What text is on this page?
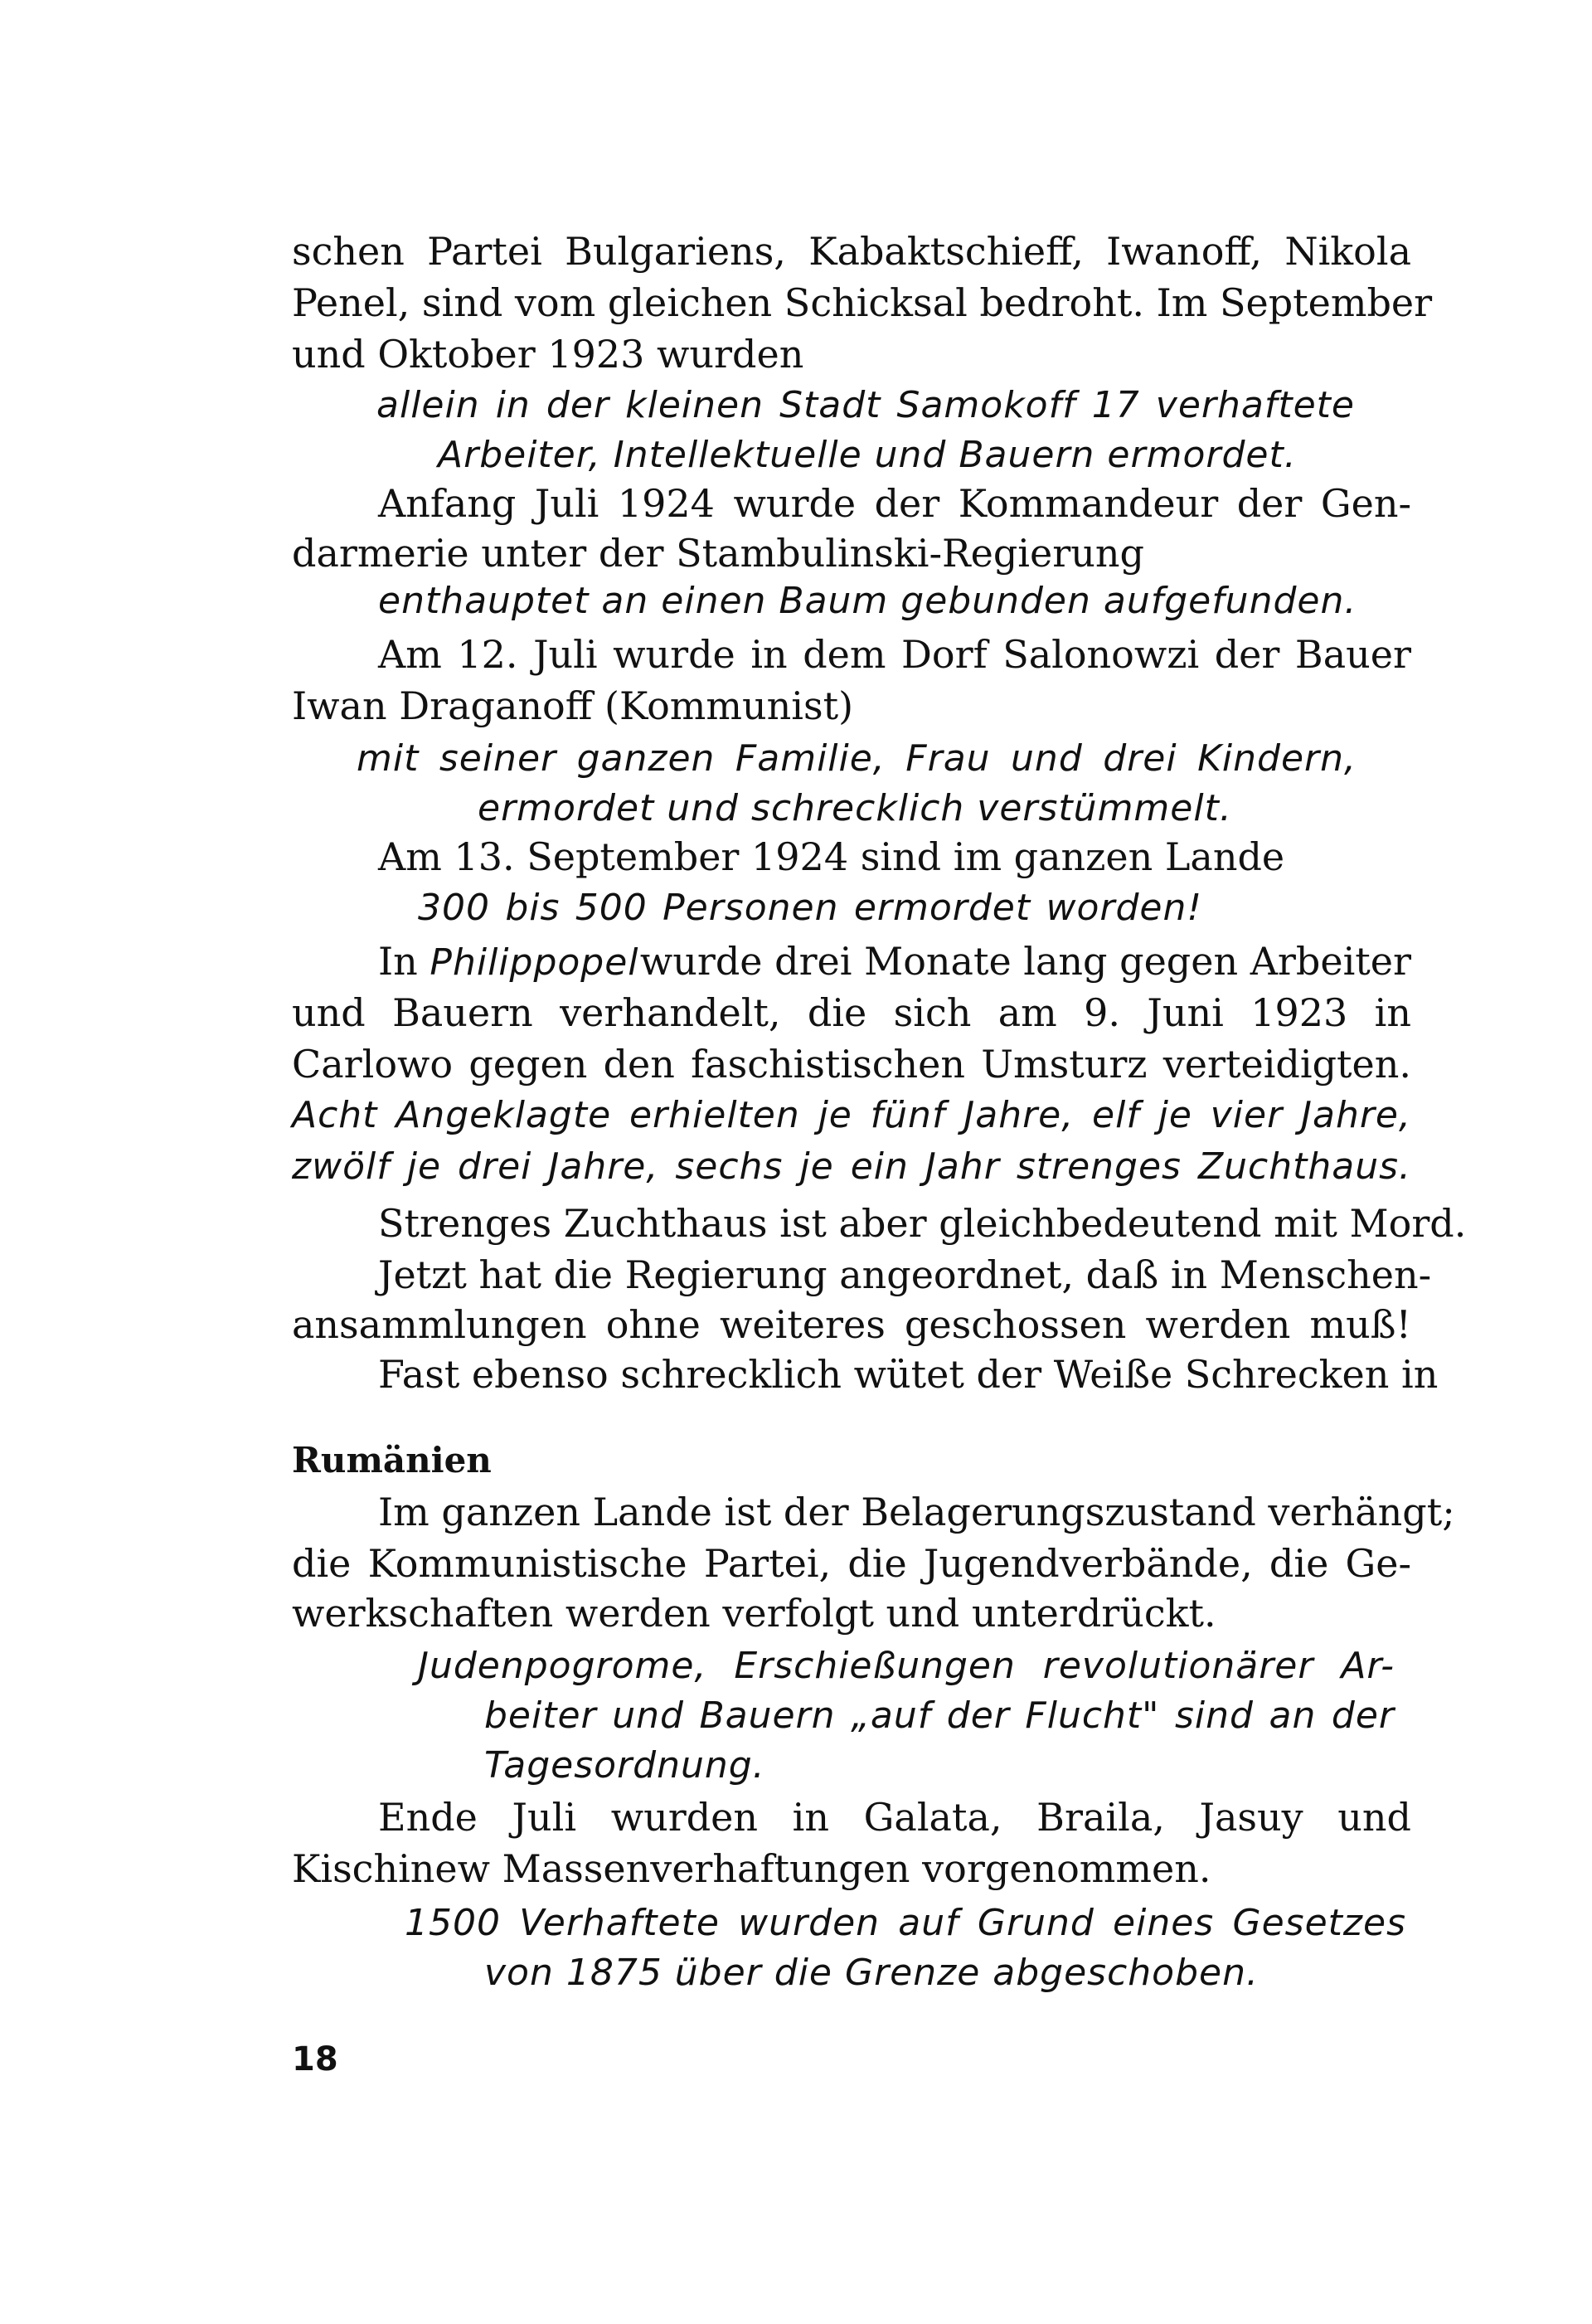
schen Partei Bulgariens, Kabaktschieff, Iwanoff, Nikola
Penel, sind vom gleichen Schicksal bedroht. Im September
und Oktober 1923 wurden
allein in der kleinen Stadt Samokoff 17 verhaftete
Arbeiter, Intellektuelle und Bauern ermordet.
Anfang Juli 1924 wurde der Kommandeur der Gen-
darmerie unter der Stambulinski-Regierung
enthauptet an einen Baum gebunden aufgefunden.
Am 12. Juli wurde in dem Dorf Salonowzi der Bauer
Iwan Draganoff (Kommunist)
mit seiner ganzen Familie, Frau und drei Kindern,
ermordet und schrecklich verstümmelt.
Am 13. September 1924 sind im ganzen Lande
300 bis 500 Personen ermordet worden!
In Philippopel wurde drei Monate lang gegen Arbeiter
und Bauern verhandelt, die sich am 9. Juni 1923 in
Carlowo gegen den faschistischen Umsturz verteidigten.
Acht Angeklagte erhielten je fünf Jahre, elf je vier Jahre,
zwölf je drei Jahre, sechs je ein Jahr strenges Zuchthaus.
Strenges Zuchthaus ist aber gleichbedeutend mit Mord.
Jetzt hat die Regierung angeordnet, daß in Menschen-
ansammlungen ohne weiteres geschossen werden muß!
Fast ebenso schrecklich wütet der Weiße Schrecken in
Rumänien
Im ganzen Lande ist der Belagerungszustand verhängt;
die Kommunistische Partei, die Jugendverbände, die Ge-
werkschaften werden verfolgt und unterdrückt.
Judenpogrome, Erschießungen revolutionärer Ar-
beiter und Bauern „auf der Flucht" sind an der
Tagesordnung.
Ende Juli wurden in Galata, Braila, Jasuy und
Kischinew Massenverhaftungen vorgenommen.
1500 Verhaftete wurden auf Grund eines Gesetzes
von 1875 über die Grenze abgeschoben.
18
